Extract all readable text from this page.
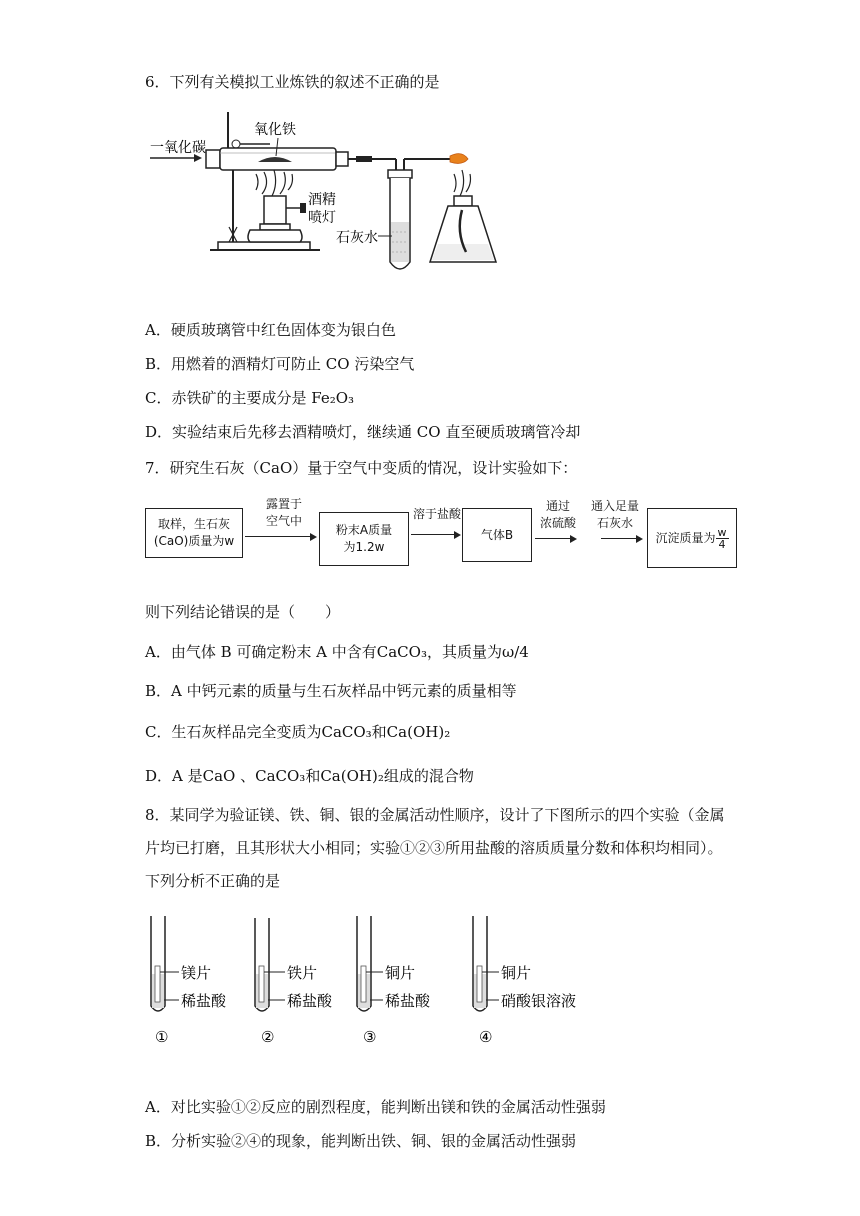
6．下列有关模拟工业炼铁的叙述不正确的是
一氧化碳
氧化铁
酒精
喷灯
石灰水
A．硬质玻璃管中红色固体变为银白色
B．用燃着的酒精灯可防止 CO 污染空气
C．赤铁矿的主要成分是 Fe₂O₃
D．实验结束后先移去酒精喷灯，继续通 CO 直至硬质玻璃管冷却
7．研究生石灰（CaO）量于空气中变质的情况，设计实验如下：
取样，生石灰
(CaO)质量为w
露置于
空气中
粉末A质量
为1.2w
溶于盐酸
气体B
通过
浓硫酸
通入足量
石灰水
沉淀质量为 $\frac{w}{4}$
则下列结论错误的是（　　）
A．由气体 B 可确定粉末 A 中含有CaCO₃，其质量为ω/4
B．A 中钙元素的质量与生石灰样品中钙元素的质量相等
C．生石灰样品完全变质为CaCO₃和Ca(OH)₂
D．A 是CaO 、CaCO₃和Ca(OH)₂组成的混合物
8．某同学为验证镁、铁、铜、银的金属活动性顺序，设计了下图所示的四个实验（金属片均已打磨，且其形状大小相同；实验①②③所用盐酸的溶质质量分数和体积均相同）。下列分析不正确的是
镁片
稀盐酸
①
铁片
稀盐酸
②
铜片
稀盐酸
③
铜片
硝酸银溶液
④
A．对比实验①②反应的剧烈程度，能判断出镁和铁的金属活动性强弱
B．分析实验②④的现象，能判断出铁、铜、银的金属活动性强弱
